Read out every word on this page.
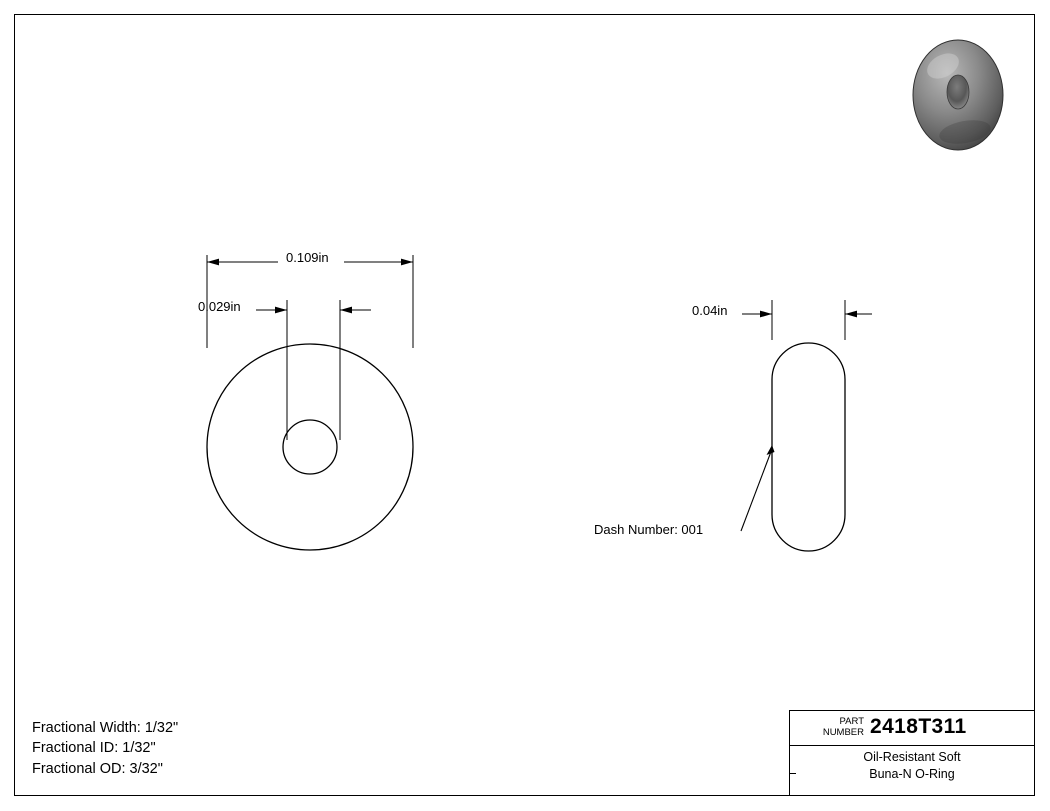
0.109in
0.029in	0.04in
Dash Number: 001
Fractional Width: 1/32"
Fractional ID: 1/32"
Fractional OD: 3/32"
PART
NUMBER 2418T311
Oil-Resistant Soft
Buna-N O-Ring
